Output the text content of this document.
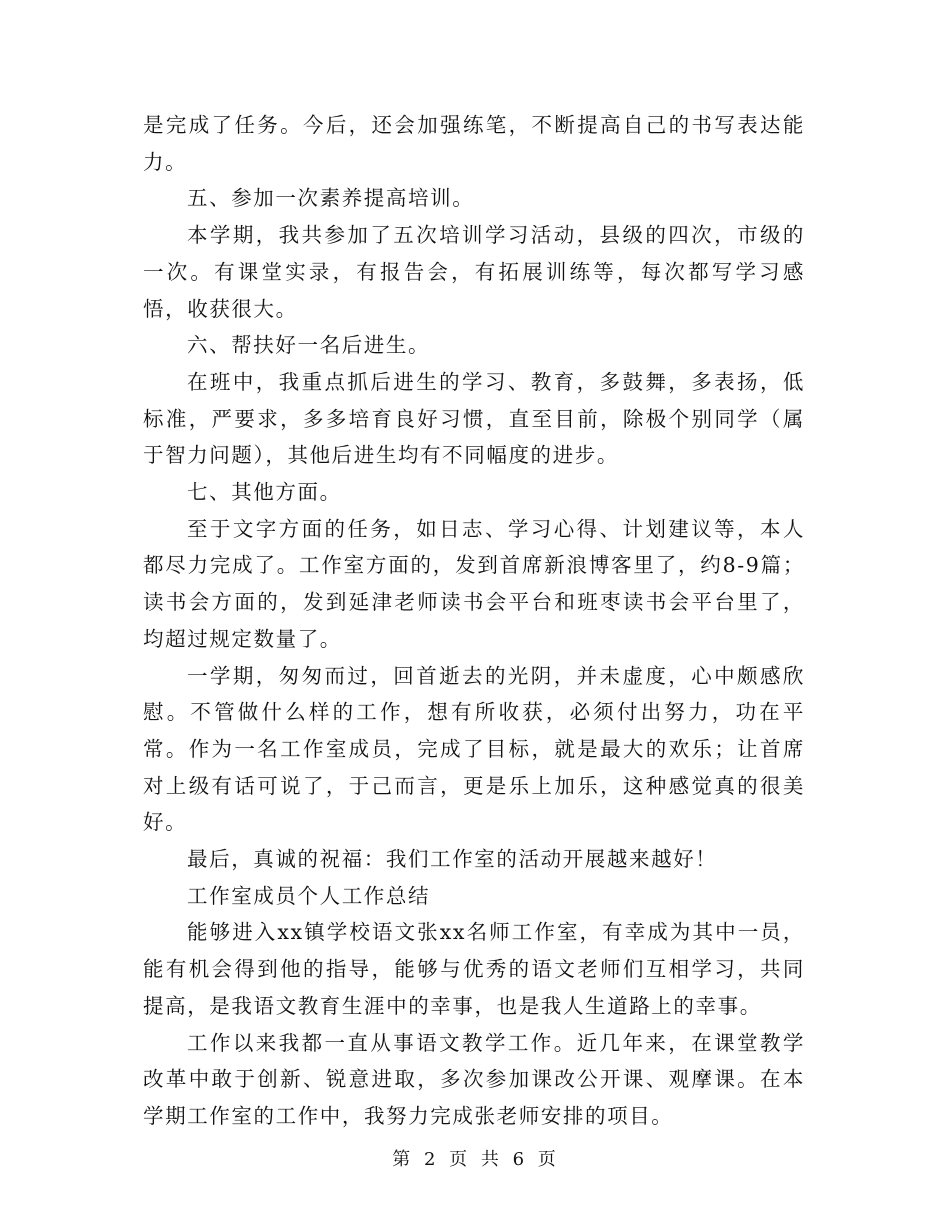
是完成了任务。今后，还会加强练笔，不断提高自己的书写表达能力。

五、参加一次素养提高培训。

本学期，我共参加了五次培训学习活动，县级的四次，市级的一次。有课堂实录，有报告会，有拓展训练等，每次都写学习感悟，收获很大。

六、帮扶好一名后进生。

在班中，我重点抓后进生的学习、教育，多鼓舞，多表扬，低标准，严要求，多多培育良好习惯，直至目前，除极个别同学（属于智力问题），其他后进生均有不同幅度的进步。

七、其他方面。

至于文字方面的任务，如日志、学习心得、计划建议等，本人都尽力完成了。工作室方面的，发到首席新浪博客里了，约8-9篇；读书会方面的，发到延津老师读书会平台和班枣读书会平台里了，均超过规定数量了。

一学期，匆匆而过，回首逝去的光阴，并未虚度，心中颇感欣慰。不管做什么样的工作，想有所收获，必须付出努力，功在平常。作为一名工作室成员，完成了目标，就是最大的欢乐；让首席对上级有话可说了，于己而言，更是乐上加乐，这种感觉真的很美好。

最后，真诚的祝福：我们工作室的活动开展越来越好！

工作室成员个人工作总结

能够进入xx镇学校语文张xx名师工作室，有幸成为其中一员，能有机会得到他的指导，能够与优秀的语文老师们互相学习，共同提高，是我语文教育生涯中的幸事，也是我人生道路上的幸事。

工作以来我都一直从事语文教学工作。近几年来，在课堂教学改革中敢于创新、锐意进取，多次参加课改公开课、观摩课。在本学期工作室的工作中，我努力完成张老师安排的项目。

第 2 页 共 6 页
